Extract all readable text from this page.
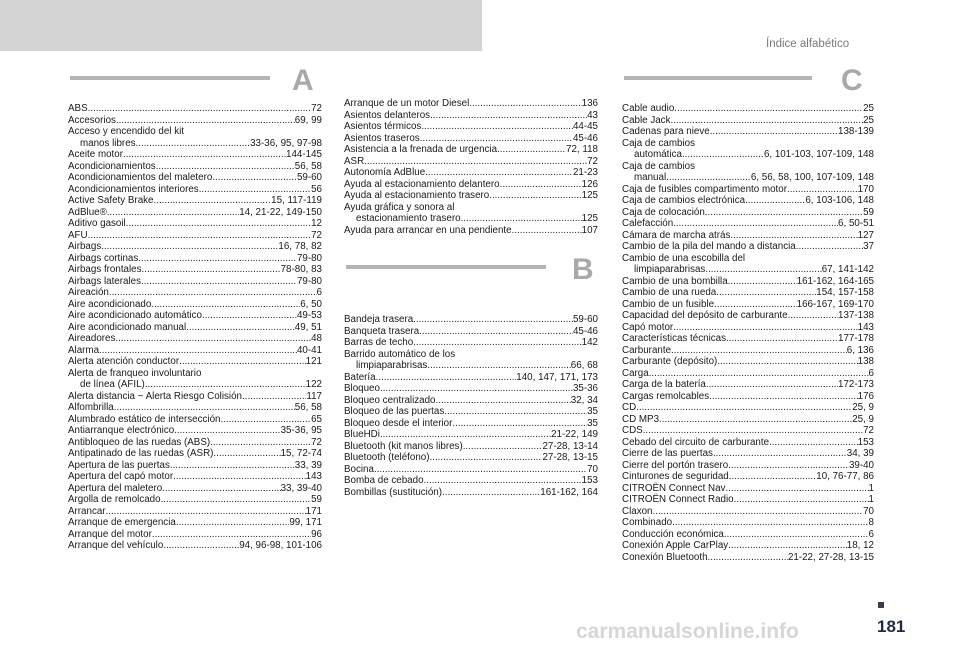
Índice alfabético
A
B
C
ABS .....	72
Accesorios .....	69, 99
Acceso y encendido del kit
manos libres .....	33-36, 95, 97-98
Aceite motor .....	144-145
Acondicionamientos .....	56, 58
Acondicionamientos del maletero .....	59-60
Acondicionamientos interiores .....	56
Active Safety Brake .....	15, 117-119
AdBlue® .....	14, 21-22, 149-150
Aditivo gasoil .....	12
AFU .....	72
Airbags .....	16, 78, 82
Airbags cortinas .....	79-80
Airbags frontales .....	78-80, 83
Airbags laterales .....	79-80
Aireación .....	6
Aire acondicionado .....	6, 50
Aire acondicionado automático .....	49-53
Aire acondicionado manual .....	49, 51
Aireadores .....	48
Alarma .....	40-41
Alerta atención conductor .....	121
Alerta de franqueo involuntario
de línea (AFIL) .....	122
Alerta distancia ~ Alerta Riesgo Colisión .....	117
Alfombrilla .....	56, 58
Alumbrado estático de intersección .....	65
Antiarranque electrónico .....	35-36, 95
Antibloqueo de las ruedas (ABS) .....	72
Antipatinado de las ruedas (ASR) .....	15, 72-74
Apertura de las puertas .....	33, 39
Apertura del capó motor .....	143
Apertura del maletero .....	33, 39-40
Argolla de remolcado .....	59
Arrancar .....	171
Arranque de emergencia .....	99, 171
Arranque del motor .....	96
Arranque del vehículo .....	94, 96-98, 101-106
Arranque de un motor Diesel .....	136
Asientos delanteros .....	43
Asientos térmicos .....	44-45
Asientos traseros .....	45-46
Asistencia a la frenada de urgencia .....	72, 118
ASR .....	72
Autonomía AdBlue .....	21-23
Ayuda al estacionamiento delantero .....	126
Ayuda al estacionamiento trasero .....	125
Ayuda gráfica y sonora al
estacionamiento trasero .....	125
Ayuda para arrancar en una pendiente .....	107
Bandeja trasera .....	59-60
Banqueta trasera .....	45-46
Barras de techo .....	142
Barrido automático de los
limpiaparabrisas .....	66, 68
Batería .....	140, 147, 171, 173
Bloqueo .....	35-36
Bloqueo centralizado .....	32, 34
Bloqueo de las puertas .....	35
Bloqueo desde el interior .....	35
BlueHDi .....	21-22, 149
Bluetooth (kit manos libres) .....	27-28, 13-14
Bluetooth (teléfono) .....	27-28, 13-15
Bocina .....	70
Bomba de cebado .....	153
Bombillas (sustitución) .....	161-162, 164
Cable audio .....	25
Cable Jack .....	25
Cadenas para nieve .....	138-139
Caja de cambios
automática .....	6, 101-103, 107-109, 148
Caja de cambios
manual .....	6, 56, 58, 100, 107-109, 148
Caja de fusibles compartimento motor .....	170
Caja de cambios electrónica .....	6, 103-106, 148
Caja de colocación .....	59
Calefacción .....	6, 50-51
Cámara de marcha atrás .....	127
Cambio de la pila del mando a distancia .....	37
Cambio de una escobilla del
limpiaparabrisas .....	67, 141-142
Cambio de una bombilla .....	161-162, 164-165
Cambio de una rueda .....	154, 157-158
Cambio de un fusible .....	166-167, 169-170
Capacidad del depósito de carburante .....	137-138
Capó motor .....	143
Características técnicas .....	177-178
Carburante .....	6, 136
Carburante (depósito) .....	138
Carga .....	6
Carga de la batería .....	172-173
Cargas remolcables .....	176
CD .....	25, 9
CD MP3 .....	25, 9
CDS .....	72
Cebado del circuito de carburante .....	153
Cierre de las puertas .....	34, 39
Cierre del portón trasero .....	39-40
Cinturones de seguridad .....	10, 76-77, 86
CITROËN Connect Nav .....	1
CITROËN Connect Radio .....	1
Claxon .....	70
Combinado .....	8
Conducción económica .....	6
Conexión Apple CarPlay .....	18, 12
Conexión Bluetooth .....	21-22, 27-28, 13-15
181
carmanualsonline.info
